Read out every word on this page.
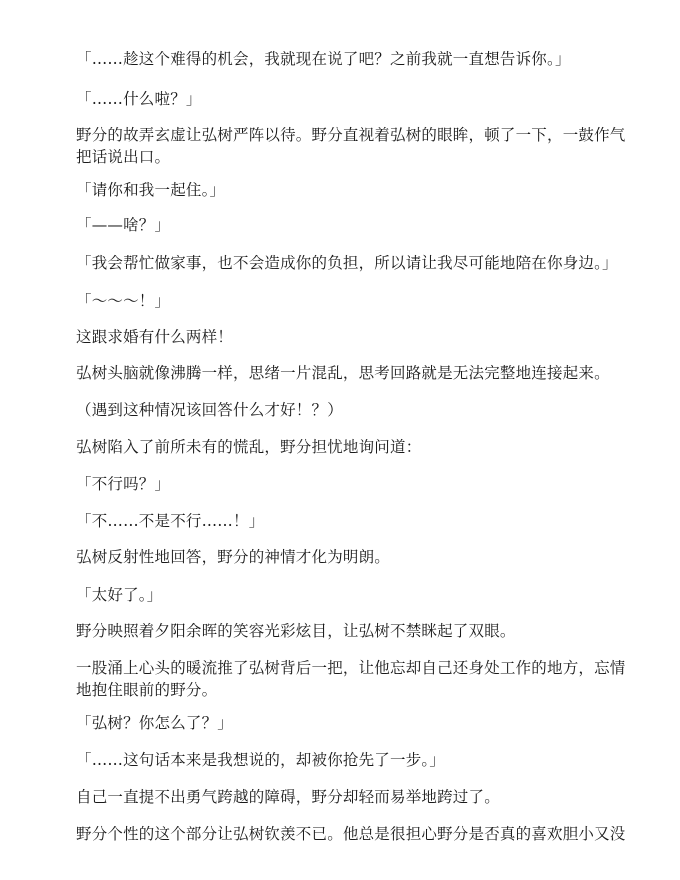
「……趁这个难得的机会，我就现在说了吧？之前我就一直想告诉你。」

「……什么啦？」

野分的故弄玄虚让弘树严阵以待。野分直视着弘树的眼眸，顿了一下，一鼓作气
把话说出口。

「请你和我一起住。」

「——啥？」

「我会帮忙做家事，也不会造成你的负担，所以请让我尽可能地陪在你身边。」

「～～～！」

这跟求婚有什么两样！

弘树头脑就像沸腾一样，思绪一片混乱，思考回路就是无法完整地连接起来。

（遇到这种情况该回答什么才好！？）

弘树陷入了前所未有的慌乱，野分担忧地询问道：

「不行吗？」

「不……不是不行……！」

弘树反射性地回答，野分的神情才化为明朗。

「太好了。」

野分映照着夕阳余晖的笑容光彩炫目，让弘树不禁眯起了双眼。

一股涌上心头的暖流推了弘树背后一把，让他忘却自己还身处工作的地方，忘情
地抱住眼前的野分。

「弘树？你怎么了？」

「……这句话本来是我想说的，却被你抢先了一步。」

自己一直提不出勇气跨越的障碍，野分却轻而易举地跨过了。

野分个性的这个部分让弘树钦羡不已。他总是很担心野分是否真的喜欢胆小又没
